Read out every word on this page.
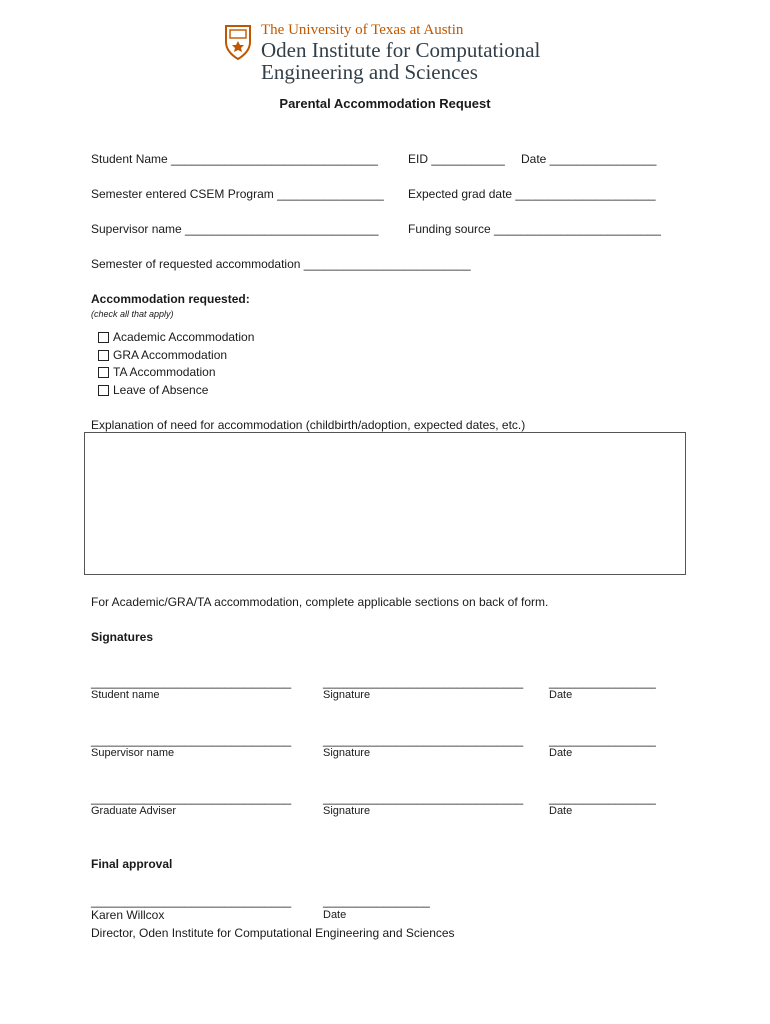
The University of Texas at Austin
Oden Institute for Computational
Engineering and Sciences
Parental Accommodation Request
Student Name _______________________________	EID ___________ Date ________________
Semester entered CSEM Program ________________ Expected grad date _____________________
Supervisor name _____________________________ Funding source _________________________
Semester of requested accommodation _________________________
Accommodation requested:
(check all that apply)
Academic Accommodation
GRA Accommodation
TA Accommodation
Leave of Absence
Explanation of need for accommodation (childbirth/adoption, expected dates, etc.)
For Academic/GRA/TA accommodation, complete applicable sections on back of form.
Signatures
______________________________	______________________________ ________________
Student name	Signature	Date
______________________________	______________________________ ________________
Supervisor name	Signature	Date
______________________________	______________________________ ________________
Graduate Adviser	Signature	Date
Final approval
______________________________	________________
Karen Willcox	Date
Director, Oden Institute for Computational Engineering and Sciences
